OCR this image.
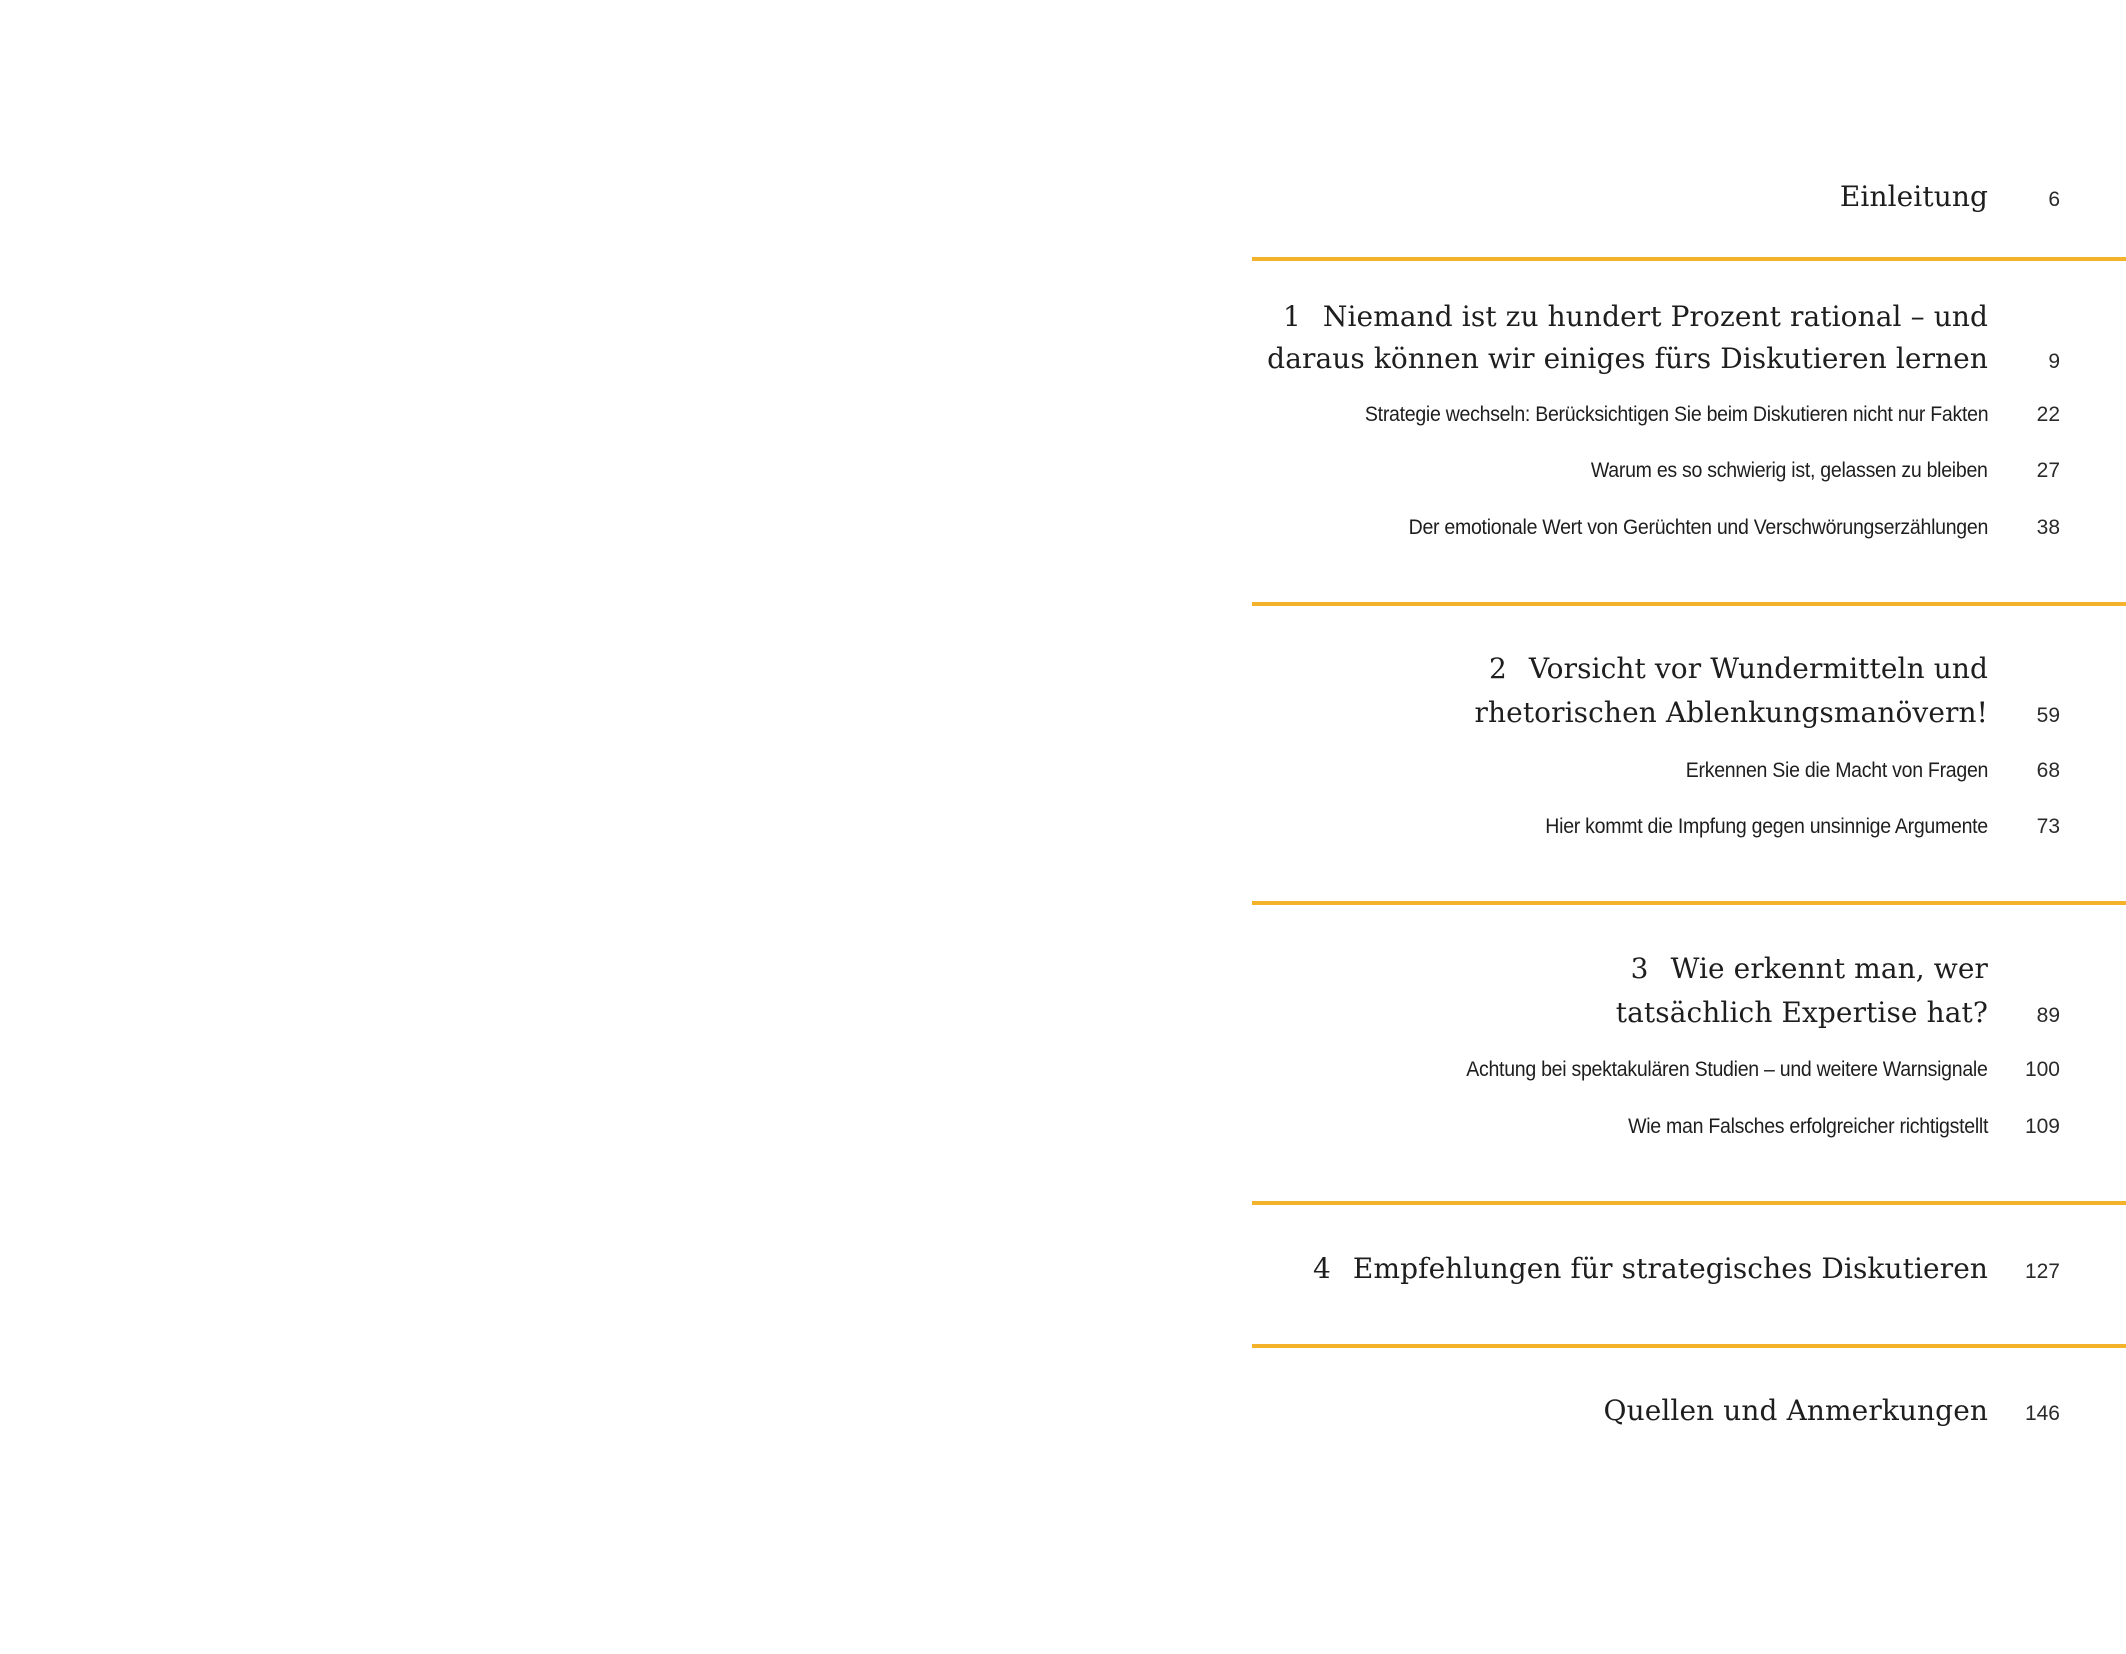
Einleitung	6
1 Niemand ist zu hundert Prozent rational – und
daraus können wir einiges fürs Diskutieren lernen	9
Strategie wechseln: Berücksichtigen Sie beim Diskutieren nicht nur Fakten	22
Warum es so schwierig ist, gelassen zu bleiben	27
Der emotionale Wert von Gerüchten und Verschwörungserzählungen	38
2 Vorsicht vor Wundermitteln und
rhetorischen Ablenkungsmanövern!	59
Erkennen Sie die Macht von Fragen	68
Hier kommt die Impfung gegen unsinnige Argumente	73
3 Wie erkennt man, wer
tatsächlich Expertise hat?	89
Achtung bei spektakulären Studien – und weitere Warnsignale	100
Wie man Falsches erfolgreicher richtigstellt	109
4 Empfehlungen für strategisches Diskutieren	127
Quellen und Anmerkungen	146
